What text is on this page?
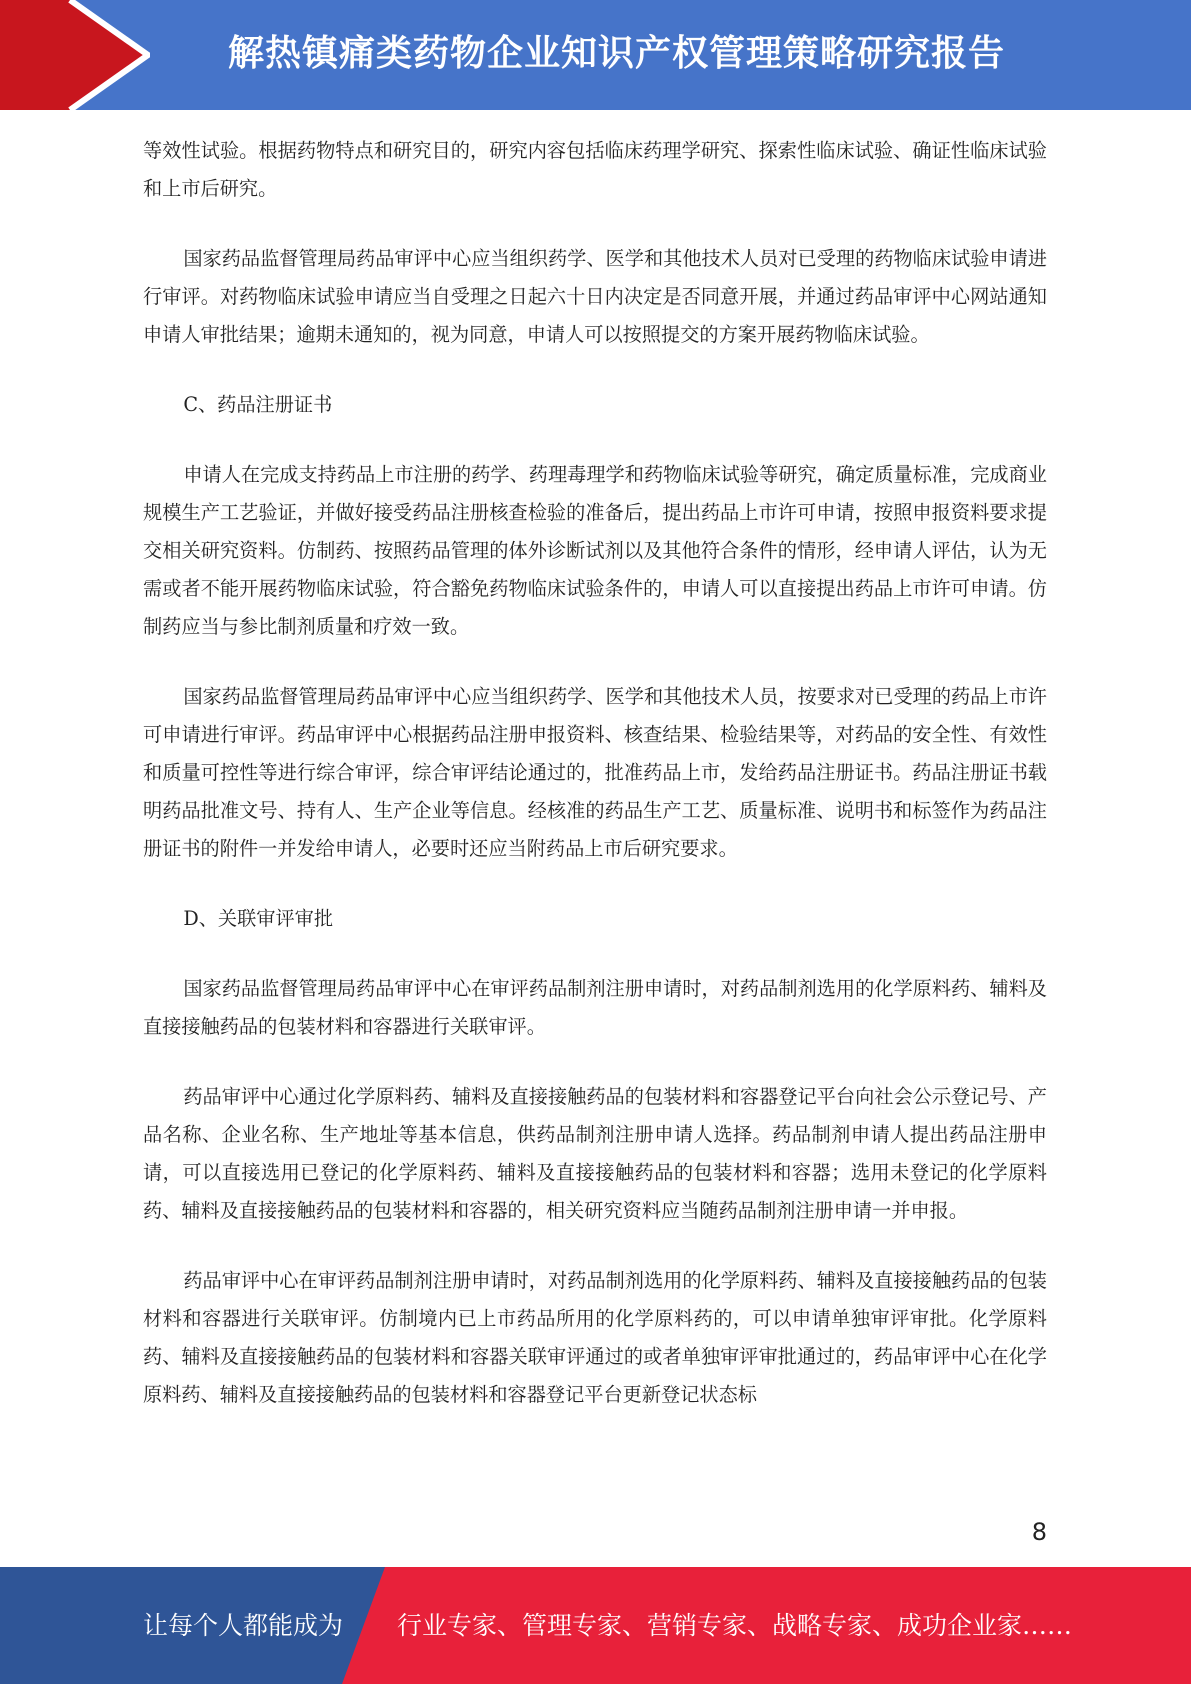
解热镇痛类药物企业知识产权管理策略研究报告

等效性试验。根据药物特点和研究目的，研究内容包括临床药理学研究、探索性临床试验、确证性临床试验和上市后研究。

国家药品监督管理局药品审评中心应当组织药学、医学和其他技术人员对已受理的药物临床试验申请进行审评。对药物临床试验申请应当自受理之日起六十日内决定是否同意开展，并通过药品审评中心网站通知申请人审批结果；逾期未通知的，视为同意，申请人可以按照提交的方案开展药物临床试验。

C、药品注册证书

申请人在完成支持药品上市注册的药学、药理毒理学和药物临床试验等研究，确定质量标准，完成商业规模生产工艺验证，并做好接受药品注册核查检验的准备后，提出药品上市许可申请，按照申报资料要求提交相关研究资料。仿制药、按照药品管理的体外诊断试剂以及其他符合条件的情形，经申请人评估，认为无需或者不能开展药物临床试验，符合豁免药物临床试验条件的，申请人可以直接提出药品上市许可申请。仿制药应当与参比制剂质量和疗效一致。

国家药品监督管理局药品审评中心应当组织药学、医学和其他技术人员，按要求对已受理的药品上市许可申请进行审评。药品审评中心根据药品注册申报资料、核查结果、检验结果等，对药品的安全性、有效性和质量可控性等进行综合审评，综合审评结论通过的，批准药品上市，发给药品注册证书。药品注册证书载明药品批准文号、持有人、生产企业等信息。经核准的药品生产工艺、质量标准、说明书和标签作为药品注册证书的附件一并发给申请人，必要时还应当附药品上市后研究要求。

D、关联审评审批

国家药品监督管理局药品审评中心在审评药品制剂注册申请时，对药品制剂选用的化学原料药、辅料及直接接触药品的包装材料和容器进行关联审评。

药品审评中心通过化学原料药、辅料及直接接触药品的包装材料和容器登记平台向社会公示登记号、产品名称、企业名称、生产地址等基本信息，供药品制剂注册申请人选择。药品制剂申请人提出药品注册申请，可以直接选用已登记的化学原料药、辅料及直接接触药品的包装材料和容器；选用未登记的化学原料药、辅料及直接接触药品的包装材料和容器的，相关研究资料应当随药品制剂注册申请一并申报。

药品审评中心在审评药品制剂注册申请时，对药品制剂选用的化学原料药、辅料及直接接触药品的包装材料和容器进行关联审评。仿制境内已上市药品所用的化学原料药的，可以申请单独审评审批。化学原料药、辅料及直接接触药品的包装材料和容器关联审评通过的或者单独审评审批通过的，药品审评中心在化学原料药、辅料及直接接触药品的包装材料和容器登记平台更新登记状态标

8
让每个人都能成为 行业专家、管理专家、营销专家、战略专家、成功企业家……
